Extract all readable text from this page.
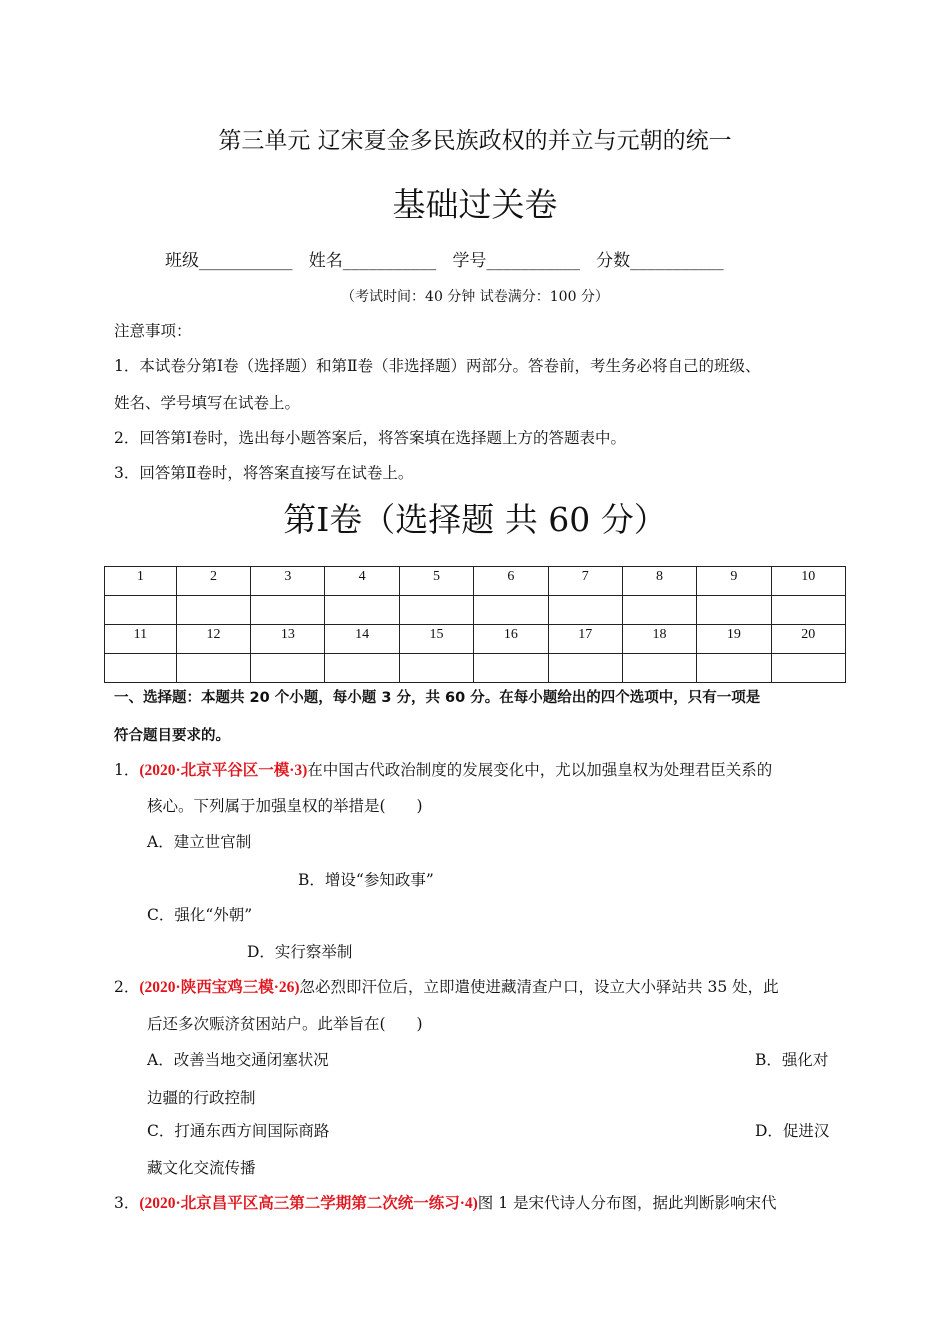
第三单元 辽宋夏金多民族政权的并立与元朝的统一
基础过关卷
班级___________ 姓名___________ 学号___________ 分数___________
（考试时间：40 分钟 试卷满分：100 分）
注意事项：
1．本试卷分第Ⅰ卷（选择题）和第Ⅱ卷（非选择题）两部分。答卷前，考生务必将自己的班级、
姓名、学号填写在试卷上。
2．回答第Ⅰ卷时，选出每小题答案后，将答案填在选择题上方的答题表中。
3．回答第Ⅱ卷时，将答案直接写在试卷上。
第Ⅰ卷（选择题 共 60 分）
1	2	3	4	5	6	7	8	9	10

11	12	13	14	15	16	17	18	19	20

一、选择题：本题共 20 个小题，每小题 3 分，共 60 分。在每小题给出的四个选项中，只有一项是
符合题目要求的。
1．(2020·北京平谷区一模·3)在中国古代政治制度的发展变化中，尤以加强皇权为处理君臣关系的
核心。下列属于加强皇权的举措是(　　)
A．建立世官制
B．增设“参知政事”
C．强化“外朝”
D．实行察举制
2．(2020·陕西宝鸡三模·26)忽必烈即汗位后，立即遣使进藏清查户口，设立大小驿站共 35 处，此
后还多次赈济贫困站户。此举旨在(　　)
A．改善当地交通闭塞状况	B．强化对
边疆的行政控制
C．打通东西方间国际商路	D．促进汉
藏文化交流传播
3．(2020·北京昌平区高三第二学期第二次统一练习·4)图 1 是宋代诗人分布图，据此判断影响宋代
